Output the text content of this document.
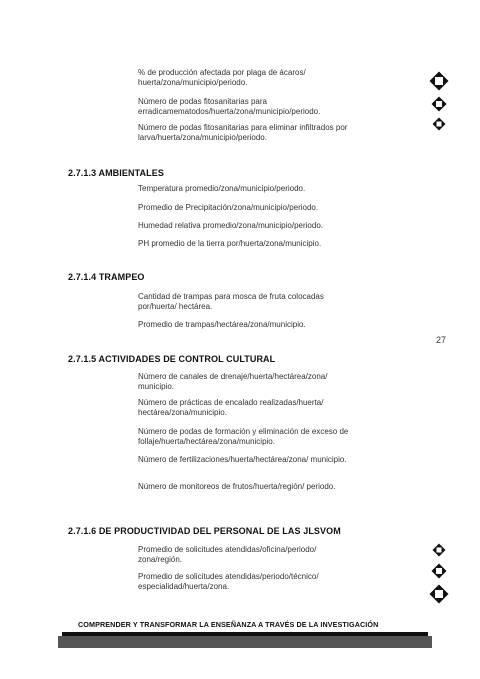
% de producción afectada por plaga de ácaros/ huerta/zona/municipio/periodo.
Número de podas fitosanitarias para erradicamematodos/huerta/zona/municipio/periodo.
Número de podas fitosanitarias para eliminar infiltrados por larva/huerta/zona/municipio/periodo.
2.7.1.3 AMBIENTALES
Temperatura promedio/zona/municipio/periodo.
Promedio de Precipitación/zona/municipio/periodo.
Humedad relativa promedio/zona/municipio/periodo.
PH promedio de la tierra por/huerta/zona/municipio.
2.7.1.4 TRAMPEO
Cantidad de trampas para mosca de fruta colocadas por/huerta/ hectárea.
Promedio de trampas/hectárea/zona/municipio.
2.7.1.5 ACTIVIDADES DE CONTROL CULTURAL
Número de canales de drenaje/huerta/hectárea/zona/ municipio.
Número de prácticas de encalado realizadas/huerta/ hectárea/zona/municipio.
Número de podas de formación y eliminación de exceso de follaje/huerta/hectárea/zona/municipio.
Número de fertilizaciones/huerta/hectárea/zona/ municipio.
Número de monitoreos de frutos/huerta/región/ periodo.
2.7.1.6 DE PRODUCTIVIDAD DEL PERSONAL DE LAS JLSVOM
Promedio de solicitudes atendidas/oficina/periodo/ zona/región.
Promedio de solicitudes atendidas/periodo/técnico/ especialidad/huerta/zona.
27
COMPRENDER Y TRANSFORMAR LA ENSEÑANZA A TRAVÉS DE LA INVESTIGACIÓN
